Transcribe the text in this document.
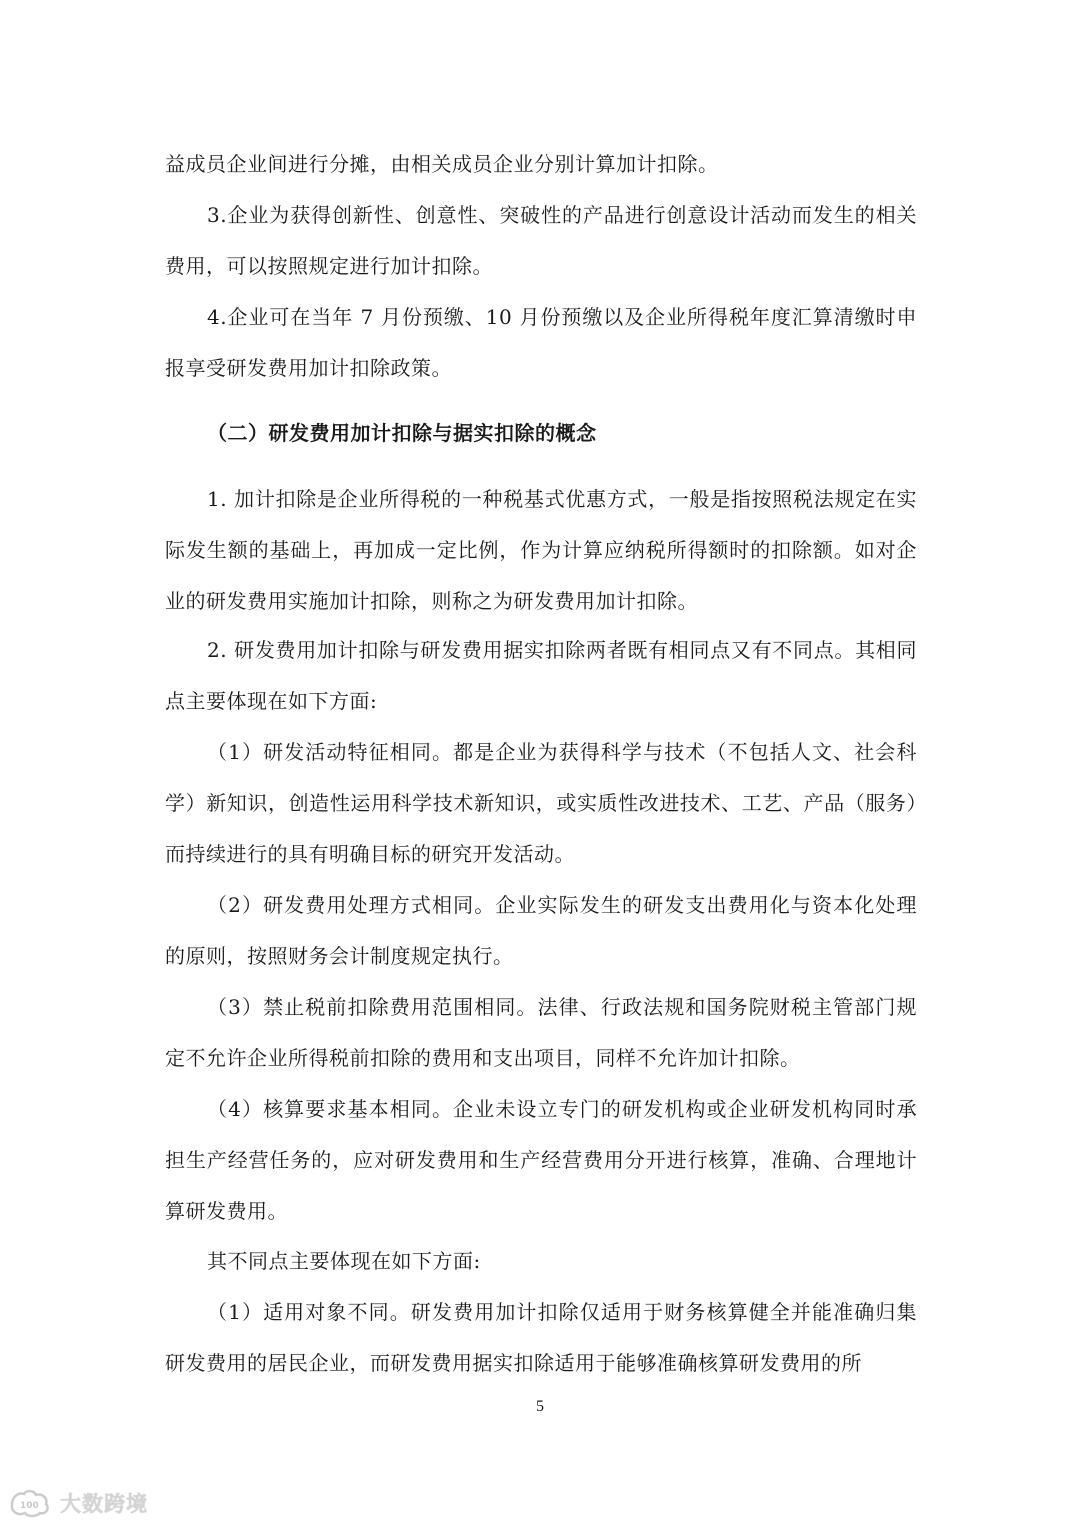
益成员企业间进行分摊，由相关成员企业分别计算加计扣除。

3.企业为获得创新性、创意性、突破性的产品进行创意设计活动而发生的相关费用，可以按照规定进行加计扣除。

4.企业可在当年 7 月份预缴、10 月份预缴以及企业所得税年度汇算清缴时申报享受研发费用加计扣除政策。

（二）研发费用加计扣除与据实扣除的概念

1. 加计扣除是企业所得税的一种税基式优惠方式，一般是指按照税法规定在实际发生额的基础上，再加成一定比例，作为计算应纳税所得额时的扣除额。如对企业的研发费用实施加计扣除，则称之为研发费用加计扣除。

2. 研发费用加计扣除与研发费用据实扣除两者既有相同点又有不同点。其相同点主要体现在如下方面:

（1）研发活动特征相同。都是企业为获得科学与技术（不包括人文、社会科学）新知识，创造性运用科学技术新知识，或实质性改进技术、工艺、产品（服务）而持续进行的具有明确目标的研究开发活动。

（2）研发费用处理方式相同。企业实际发生的研发支出费用化与资本化处理的原则，按照财务会计制度规定执行。

（3）禁止税前扣除费用范围相同。法律、行政法规和国务院财税主管部门规定不允许企业所得税前扣除的费用和支出项目，同样不允许加计扣除。

（4）核算要求基本相同。企业未设立专门的研发机构或企业研发机构同时承担生产经营任务的，应对研发费用和生产经营费用分开进行核算，准确、合理地计算研发费用。

其不同点主要体现在如下方面:

（1）适用对象不同。研发费用加计扣除仅适用于财务核算健全并能准确归集研发费用的居民企业，而研发费用据实扣除适用于能够准确核算研发费用的所

5
100 大数跨境
